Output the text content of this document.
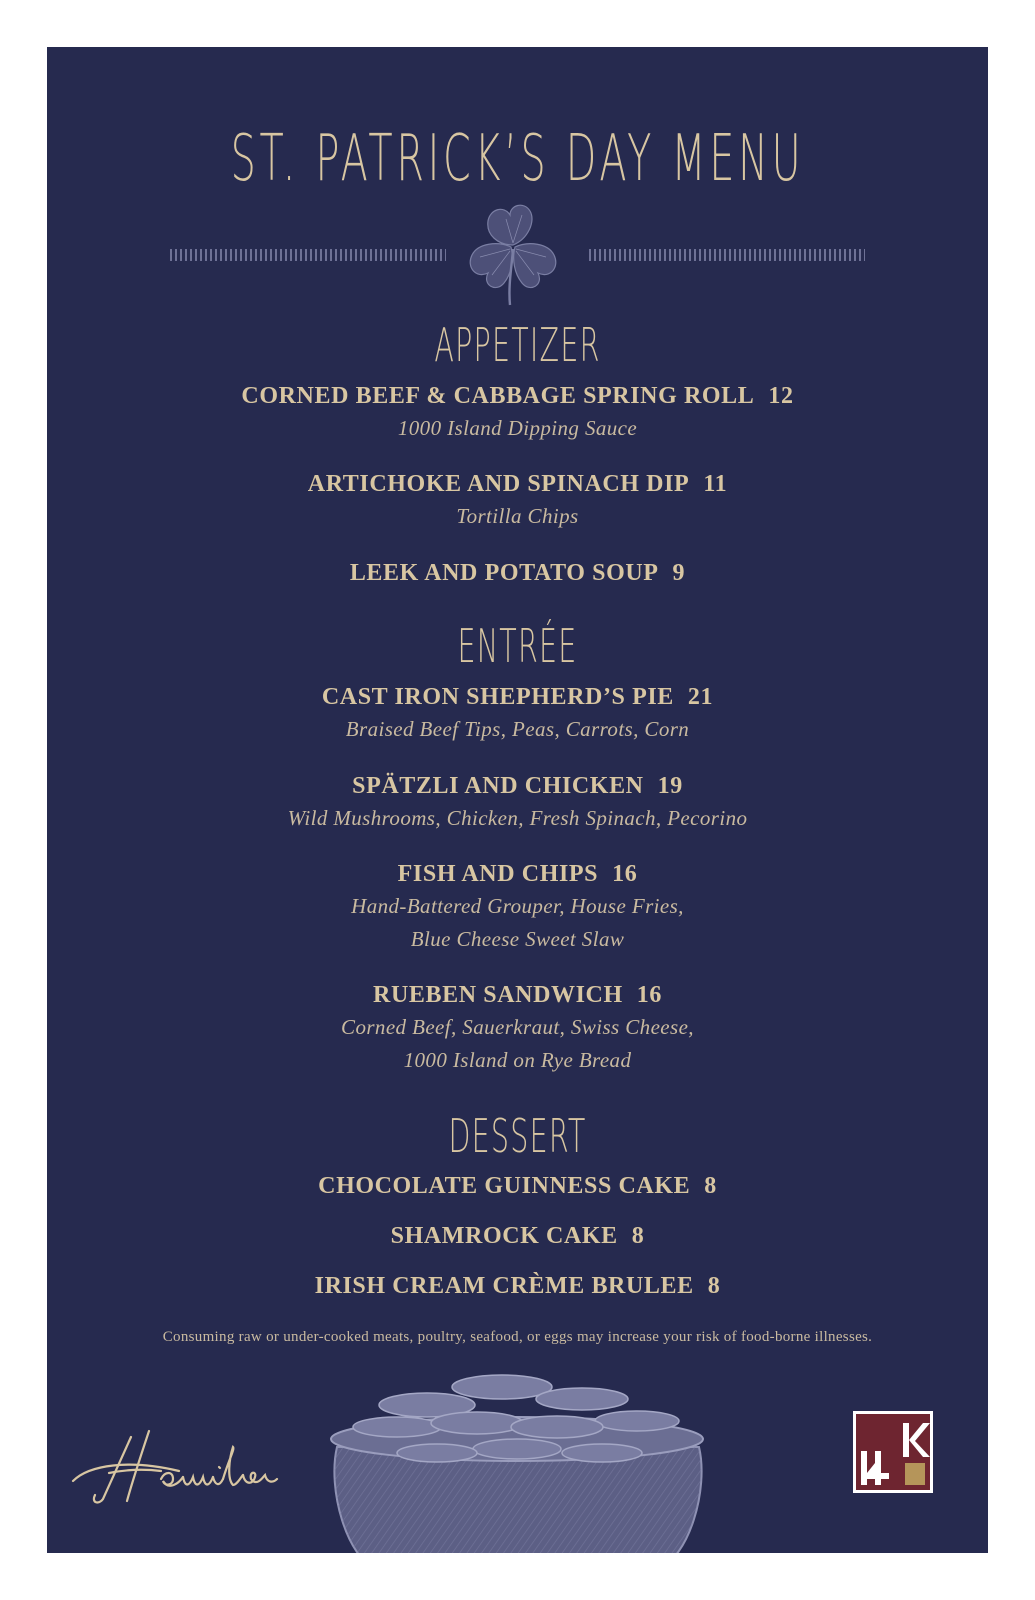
ST. PATRICK’S DAY MENU
APPETIZER
CORNED BEEF & CABBAGE SPRING ROLL 12
1000 Island Dipping Sauce
ARTICHOKE AND SPINACH DIP 11
Tortilla Chips
LEEK AND POTATO SOUP 9
ENTRÉE
CAST IRON SHEPHERD’S PIE 21
Braised Beef Tips, Peas, Carrots, Corn
SPÄTZLI AND CHICKEN 19
Wild Mushrooms, Chicken, Fresh Spinach, Pecorino
FISH AND CHIPS 16
Hand-Battered Grouper, House Fries,
Blue Cheese Sweet Slaw
RUEBEN SANDWICH 16
Corned Beef, Sauerkraut, Swiss Cheese,
1000 Island on Rye Bread
DESSERT
CHOCOLATE GUINNESS CAKE 8
SHAMROCK CAKE 8
IRISH CREAM CRÈME BRULEE 8
Consuming raw or under-cooked meats, poultry, seafood, or eggs may increase your risk of food-borne illnesses.
